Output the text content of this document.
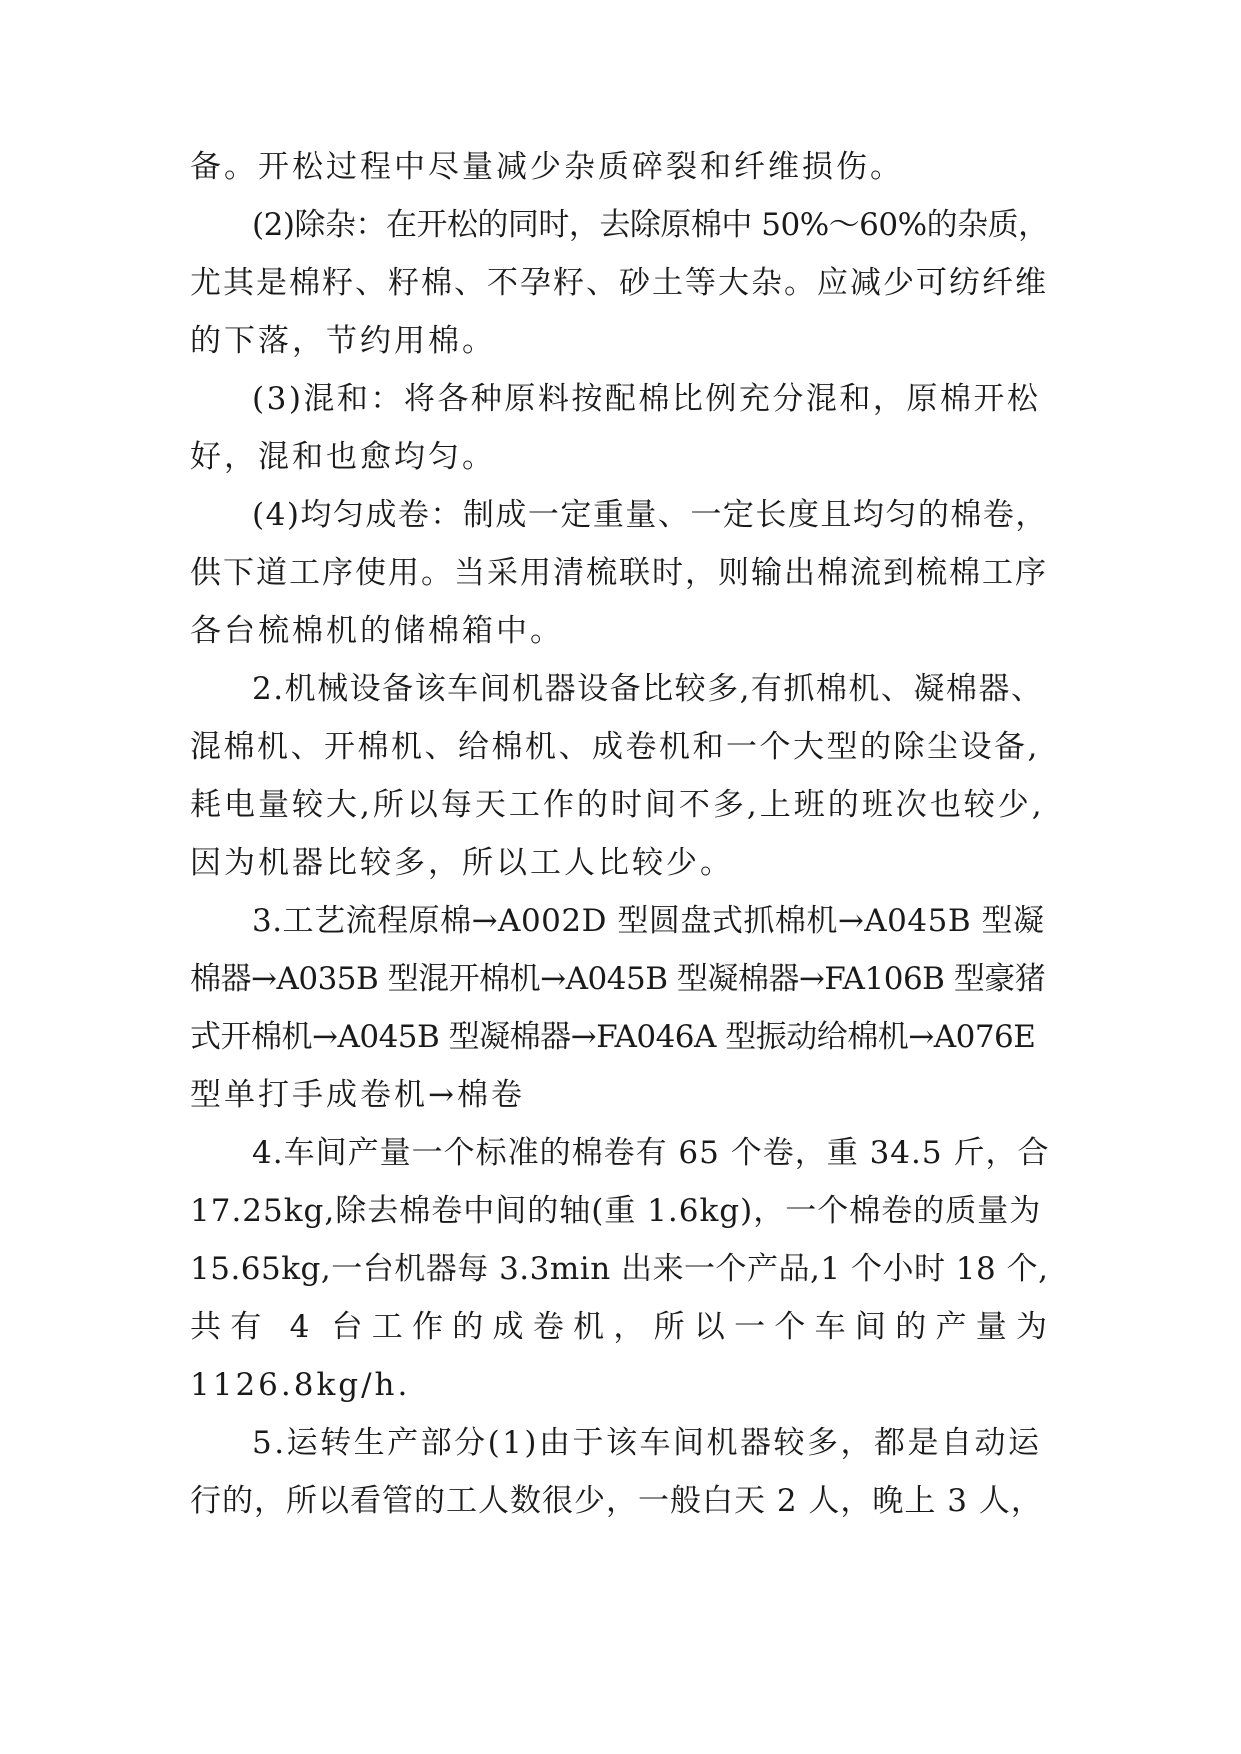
备。开松过程中尽量减少杂质碎裂和纤维损伤。
(2)除杂：在开松的同时，去除原棉中 50%～60%的杂质，
尤其是棉籽、籽棉、不孕籽、砂土等大杂。应减少可纺纤维
的下落，节约用棉。
(3)混和：将各种原料按配棉比例充分混和，原棉开松
好，混和也愈均匀。
(4)均匀成卷：制成一定重量、一定长度且均匀的棉卷，
供下道工序使用。当采用清梳联时，则输出棉流到梳棉工序
各台梳棉机的储棉箱中。
2.机械设备该车间机器设备比较多,有抓棉机、凝棉器、
混棉机、开棉机、给棉机、成卷机和一个大型的除尘设备,
耗电量较大,所以每天工作的时间不多,上班的班次也较少,
因为机器比较多，所以工人比较少。
3.工艺流程原棉→A002D 型圆盘式抓棉机→A045B 型凝
棉器→A035B 型混开棉机→A045B 型凝棉器→FA106B 型豪猪
式开棉机→A045B 型凝棉器→FA046A 型振动给棉机→A076E
型单打手成卷机→棉卷
4.车间产量一个标准的棉卷有 65 个卷，重 34.5 斤，合
17.25kg,除去棉卷中间的轴(重 1.6kg)，一个棉卷的质量为
15.65kg,一台机器每 3.3min 出来一个产品,1 个小时 18 个,
共有 4 台工作的成卷机，所以一个车间的产量为
1126.8kg/h.
5.运转生产部分(1)由于该车间机器较多，都是自动运
行的，所以看管的工人数很少，一般白天 2 人，晚上 3 人，
